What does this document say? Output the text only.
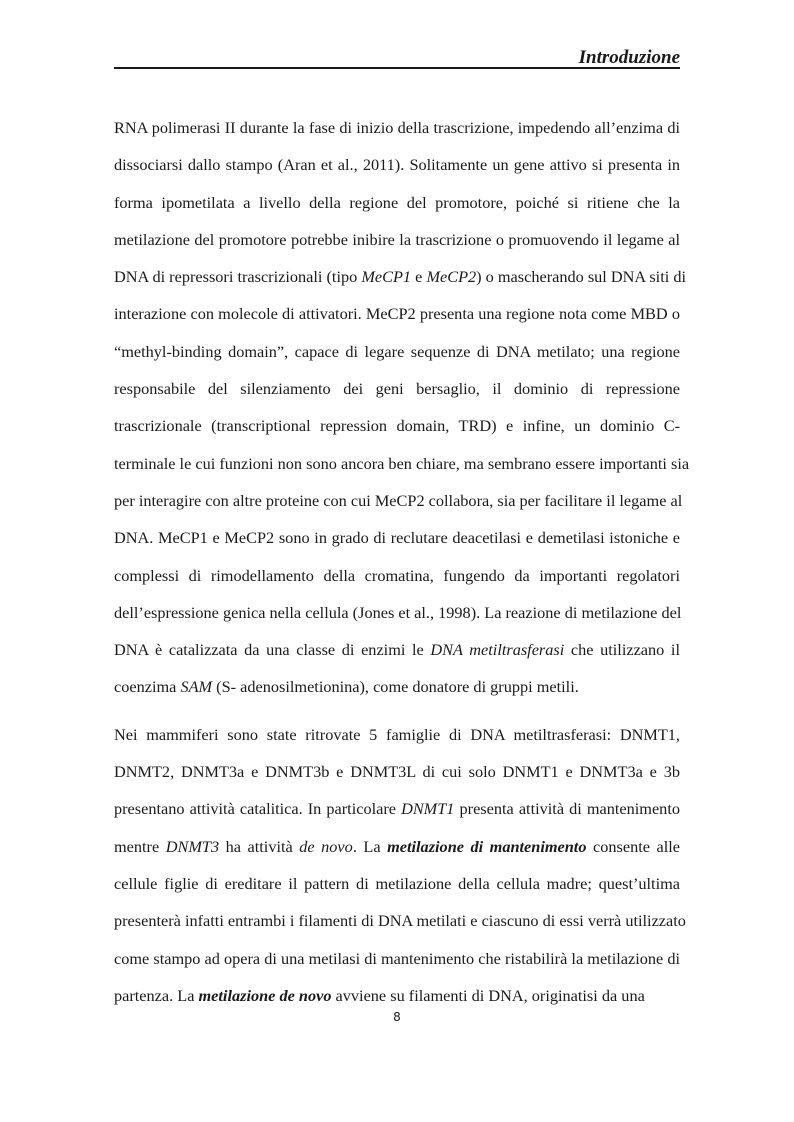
Introduzione

RNA polimerasi II durante la fase di inizio della trascrizione, impedendo all’enzima di
dissociarsi dallo stampo (Aran et al., 2011). Solitamente un gene attivo si presenta in
forma ipometilata a livello della regione del promotore, poiché si ritiene che la
metilazione del promotore potrebbe inibire la trascrizione o promuovendo il legame al
DNA di repressori trascrizionali (tipo MeCP1 e MeCP2) o mascherando sul DNA siti di
interazione con molecole di attivatori. MeCP2 presenta una regione nota come MBD o
“methyl-binding domain”, capace di legare sequenze di DNA metilato; una regione
responsabile del silenziamento dei geni bersaglio, il dominio di repressione
trascrizionale (transcriptional repression domain, TRD) e infine, un dominio C-
terminale le cui funzioni non sono ancora ben chiare, ma sembrano essere importanti sia
per interagire con altre proteine con cui MeCP2 collabora, sia per facilitare il legame al
DNA. MeCP1 e MeCP2 sono in grado di reclutare deacetilasi e demetilasi istoniche e
complessi di rimodellamento della cromatina, fungendo da importanti regolatori
dell’espressione genica nella cellula (Jones et al., 1998). La reazione di metilazione del
DNA è catalizzata da una classe di enzimi le DNA metiltrasferasi che utilizzano il
coenzima SAM (S- adenosilmetionina), come donatore di gruppi metili.

Nei mammiferi sono state ritrovate 5 famiglie di DNA metiltrasferasi: DNMT1,
DNMT2, DNMT3a e DNMT3b e DNMT3L di cui solo DNMT1 e DNMT3a e 3b
presentano attività catalitica. In particolare DNMT1 presenta attività di mantenimento
mentre DNMT3 ha attività de novo. La metilazione di mantenimento consente alle
cellule figlie di ereditare il pattern di metilazione della cellula madre; quest’ultima
presenterà infatti entrambi i filamenti di DNA metilati e ciascuno di essi verrà utilizzato
come stampo ad opera di una metilasi di mantenimento che ristabilirà la metilazione di
partenza. La metilazione de novo avviene su filamenti di DNA, originatisi da una

8
